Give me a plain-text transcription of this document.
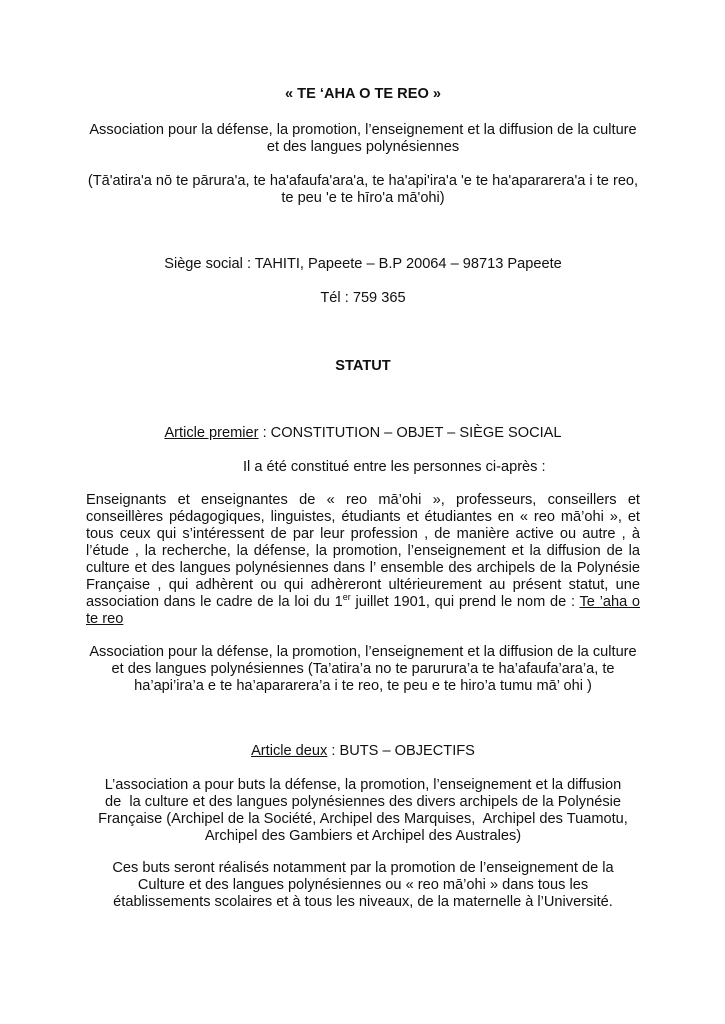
« TE ‘AHA O TE REO »

Association pour la défense, la promotion, l’enseignement et la diffusion de la culture

et des langues polynésiennes

(Tā'atira'a nō te pārura'a, te ha'afaufa'ara'a, te ha'api'ira'a 'e te ha'apararera'a i te reo,

te peu 'e te hīro'a mā'ohi)

Siège social : TAHITI, Papeete – B.P 20064 – 98713 Papeete

Tél : 759 365

STATUT

Article premier : CONSTITUTION – OBJET – SIÈGE SOCIAL

Il a été constitué entre les personnes ci-après :

Enseignants et enseignantes de « reo mā’ohi », professeurs, conseillers et

conseillères pédagogiques, linguistes, étudiants et étudiantes en « reo mā’ohi », et

tous ceux qui s’intéressent de par leur profession , de manière active ou autre , à

l’étude , la recherche, la défense, la promotion, l’enseignement et la diffusion de la

culture et des langues polynésiennes dans l’ ensemble des archipels de la Polynésie

Française , qui adhèrent ou qui adhèreront ultérieurement au présent statut, une

association dans le cadre de la loi du 1er juillet 1901, qui prend le nom de : Te ’aha o

te reo

Association pour la défense, la promotion, l’enseignement et la diffusion de la culture

et des langues polynésiennes (Ta’atira’a no te parurura’a te ha’afaufa’ara’a, te

ha’api’ira’a e te ha’apararera’a i te reo, te peu e te hiro’a tumu mā’ ohi )

Article deux : BUTS – OBJECTIFS

L’association a pour buts la défense, la promotion, l’enseignement et la diffusion

de  la culture et des langues polynésiennes des divers archipels de la Polynésie

Française (Archipel de la Société, Archipel des Marquises,  Archipel des Tuamotu,

Archipel des Gambiers et Archipel des Australes)

Ces buts seront réalisés notamment par la promotion de l’enseignement de la

Culture et des langues polynésiennes ou « reo mā’ohi » dans tous les

établissements scolaires et à tous les niveaux, de la maternelle à l’Université.
